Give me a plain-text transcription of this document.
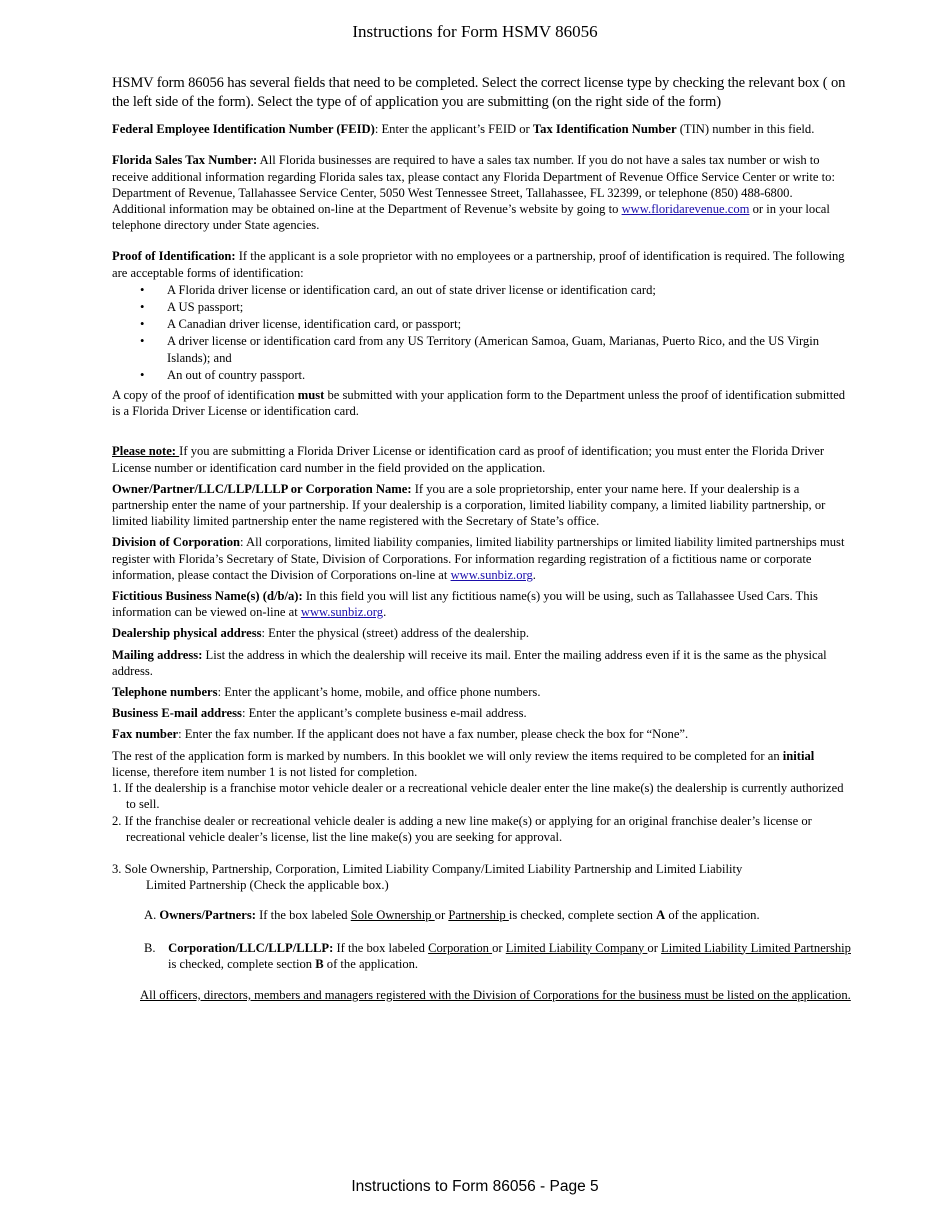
Instructions for Form HSMV 86056

HSMV form 86056 has several fields that need to be completed. Select the correct license type by checking the relevant box ( on the left side of the form). Select the type of of application you are submitting (on the right side of the form)

Federal Employee Identification Number (FEID): Enter the applicant’s FEID or Tax Identification Number (TIN) number in this field.

Florida Sales Tax Number: All Florida businesses are required to have a sales tax number. If you do not have a sales tax number or wish to receive additional information regarding Florida sales tax, please contact any Florida Department of Revenue Office Service Center or write to: Department of Revenue, Tallahassee Service Center, 5050 West Tennessee Street, Tallahassee, FL 32399, or telephone (850) 488-6800.

Additional information may be obtained on-line at the Department of Revenue’s website by going to www.floridarevenue.com or in your local telephone directory under State agencies.

Proof of Identification: If the applicant is a sole proprietor with no employees or a partnership, proof of identification is required. The following are acceptable forms of identification:

• A Florida driver license or identification card, an out of state driver license or identification card;
• A US passport;
• A Canadian driver license, identification card, or passport;
• A driver license or identification card from any US Territory (American Samoa, Guam, Marianas, Puerto Rico, and the US Virgin Islands); and
• An out of country passport.

A copy of the proof of identification must be submitted with your application form to the Department unless the proof of identification submitted is a Florida Driver License or identification card.

Please note: If you are submitting a Florida Driver License or identification card as proof of identification; you must enter the Florida Driver License number or identification card number in the field provided on the application.

Owner/Partner/LLC/LLP/LLLP or Corporation Name: If you are a sole proprietorship, enter your name here. If your dealership is a partnership enter the name of your partnership. If your dealership is a corporation, limited liability company, a limited liability partnership, or limited liability limited partnership enter the name registered with the Secretary of State’s office.

Division of Corporation: All corporations, limited liability companies, limited liability partnerships or limited liability limited partnerships must register with Florida’s Secretary of State, Division of Corporations. For information regarding registration of a fictitious name or corporate information, please contact the Division of Corporations on-line at www.sunbiz.org.

Fictitious Business Name(s) (d/b/a): In this field you will list any fictitious name(s) you will be using, such as Tallahassee Used Cars. This information can be viewed on-line at www.sunbiz.org.

Dealership physical address: Enter the physical (street) address of the dealership.

Mailing address: List the address in which the dealership will receive its mail. Enter the mailing address even if it is the same as the physical address.

Telephone numbers: Enter the applicant’s home, mobile, and office phone numbers.

Business E-mail address: Enter the applicant’s complete business e-mail address.

Fax number: Enter the fax number. If the applicant does not have a fax number, please check the box for “None”.

The rest of the application form is marked by numbers. In this booklet we will only review the items required to be completed for an initial license, therefore item number 1 is not listed for completion.

1. If the dealership is a franchise motor vehicle dealer or a recreational vehicle dealer enter the line make(s) the dealership is currently authorized to sell.

2. If the franchise dealer or recreational vehicle dealer is adding a new line make(s) or applying for an original franchise dealer’s license or recreational vehicle dealer’s license, list the line make(s) you are seeking for approval.

3. Sole Ownership, Partnership, Corporation, Limited Liability Company/Limited Liability Partnership and Limited Liability

Limited Partnership (Check the applicable box.)

A. Owners/Partners: If the box labeled Sole Ownership or Partnership is checked, complete section A of the application.

B.    Corporation/LLC/LLP/LLLP: If the box labeled Corporation or Limited Liability Company or Limited Liability Limited Partnership is checked, complete section B of the application.

All officers, directors, members and managers registered with the Division of Corporations for the business must be listed on the application.

Instructions to Form 86056 - Page 5
